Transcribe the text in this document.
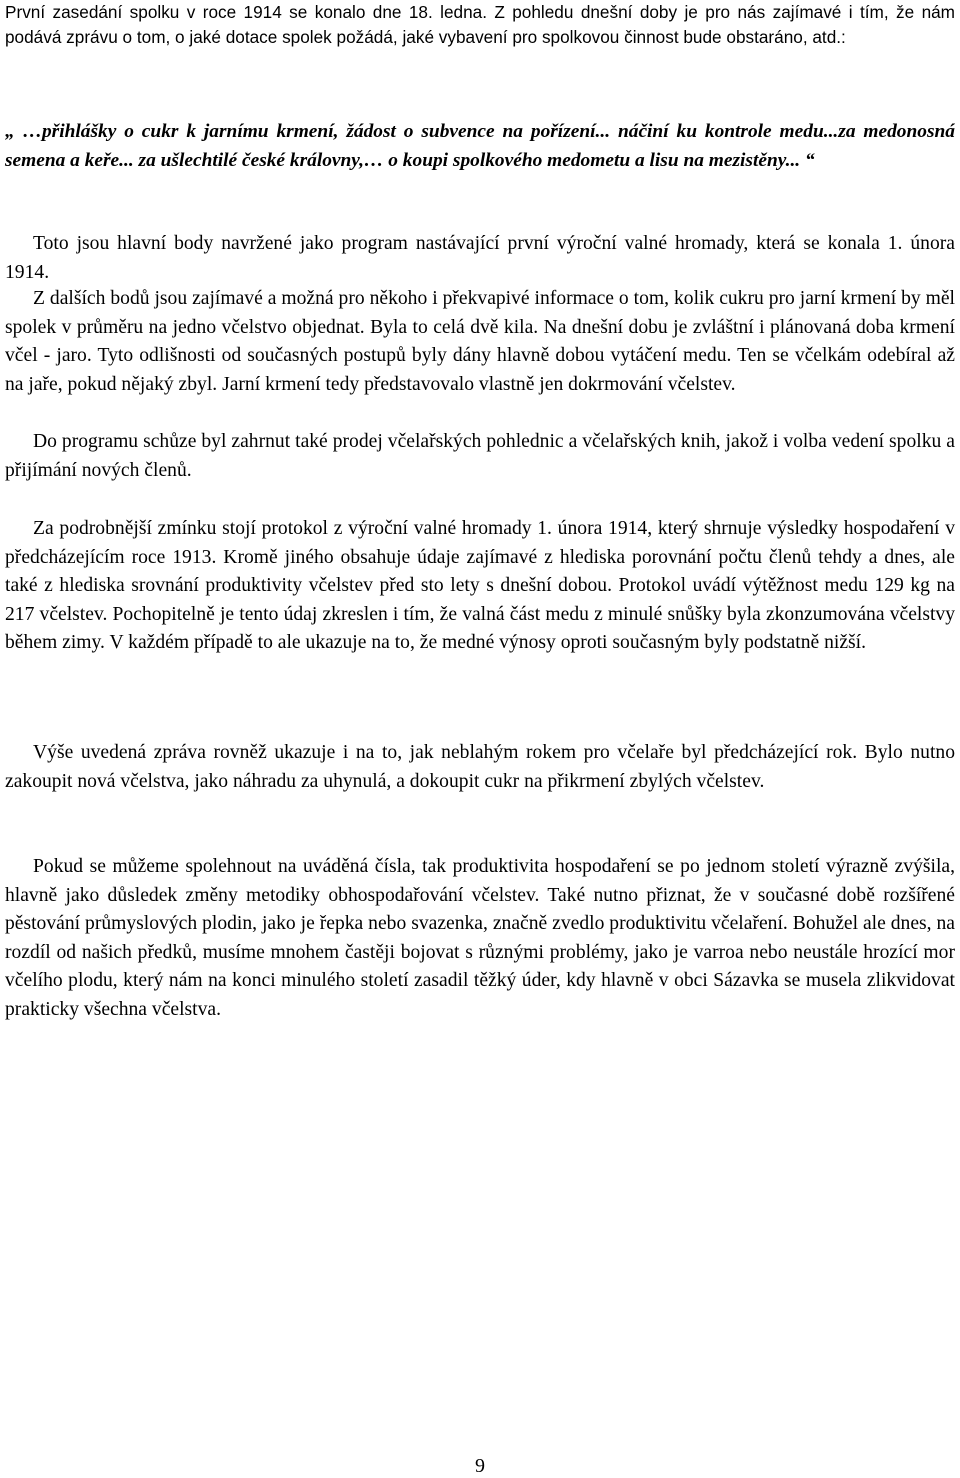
První zasedání spolku v roce 1914 se konalo dne 18. ledna. Z pohledu dnešní doby je pro nás zajímavé i tím, že nám podává zprávu o tom, o jaké dotace spolek požádá, jaké vybavení pro spolkovou činnost bude obstaráno, atd.:

„ …přihlášky o cukr k jarnímu krmení, žádost o subvence na pořízení... náčiní ku kontrole medu...za medonosná semena a keře... za ušlechtilé české královny,… o koupi spolkového medometu a lisu na mezistěny... “

Toto jsou hlavní body navržené jako program nastávající první výroční valné hromady, která se konala 1. února 1914.

Z dalších bodů jsou zajímavé a možná pro někoho i překvapivé informace o tom, kolik cukru pro jarní krmení by měl spolek v průměru na jedno včelstvo objednat. Byla to celá dvě kila. Na dnešní dobu je zvláštní i plánovaná doba krmení včel - jaro. Tyto odlišnosti od současných postupů byly dány hlavně dobou vytáčení medu. Ten se včelkám odebíral až na jaře, pokud nějaký zbyl. Jarní krmení tedy představovalo vlastně jen dokrmování včelstev.

Do programu schůze byl zahrnut také prodej včelařských pohlednic a včelařských knih, jakož i volba vedení spolku a přijímání nových členů.

Za podrobnější zmínku stojí protokol z výroční valné hromady 1. února 1914, který shrnuje výsledky hospodaření v předcházejícím roce 1913. Kromě jiného obsahuje údaje zajímavé z hlediska porovnání počtu členů tehdy a dnes, ale také z hlediska srovnání produktivity včelstev před sto lety s dnešní dobou. Protokol uvádí výtěžnost medu 129 kg na 217 včelstev. Pochopitelně je tento údaj zkreslen i tím, že valná část medu z minulé snůšky byla zkonzumována včelstvy během zimy. V každém případě to ale ukazuje na to, že medné výnosy oproti současným byly podstatně nižší.

Výše uvedená zpráva rovněž ukazuje i na to, jak neblahým rokem pro včelaře byl předcházející rok. Bylo nutno zakoupit nová včelstva, jako náhradu za uhynulá, a dokoupit cukr na přikrmení zbylých včelstev.

Pokud se můžeme spolehnout na uváděná čísla, tak produktivita hospodaření se po jednom století výrazně zvýšila, hlavně jako důsledek změny metodiky obhospodařování včelstev. Také nutno přiznat, že v současné době rozšířené pěstování průmyslových plodin, jako je řepka nebo svazenka, značně zvedlo produktivitu včelaření. Bohužel ale dnes, na rozdíl od našich předků, musíme mnohem častěji bojovat s různými problémy, jako je varroa nebo neustále hrozící mor včelího plodu, který nám na konci minulého století zasadil těžký úder, kdy hlavně v obci Sázavka se musela zlikvidovat prakticky všechna včelstva.

9
